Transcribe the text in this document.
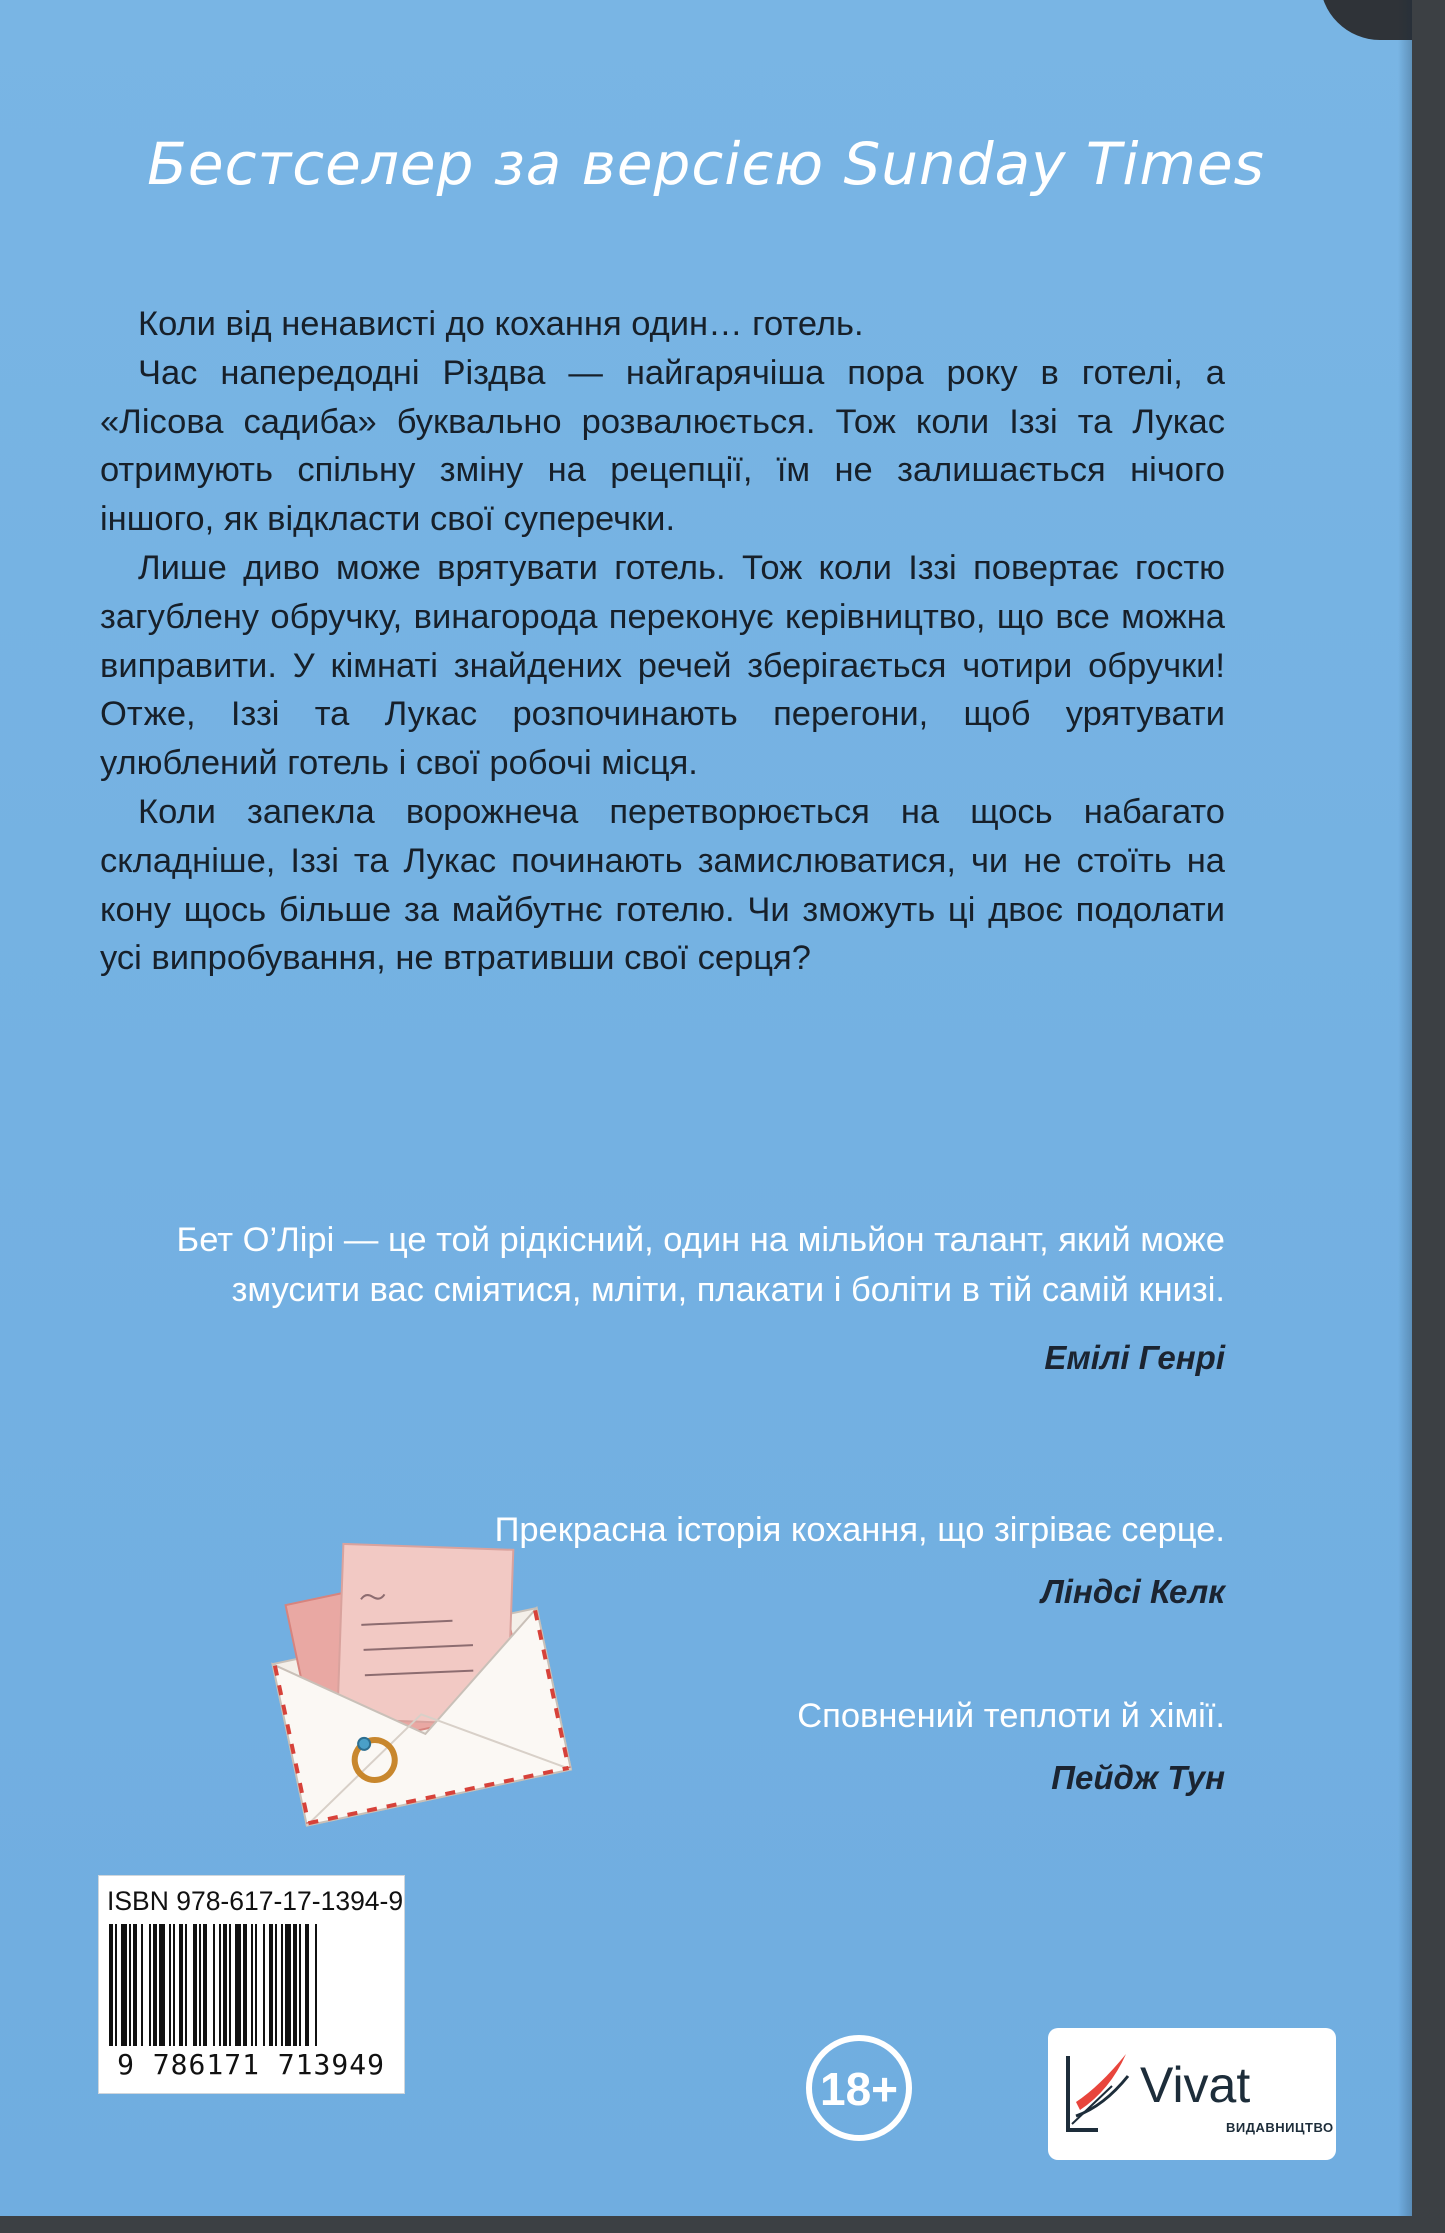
Бестселер за версією Sunday Times

Коли від ненависті до кохання один… готель.

Час напередодні Різдва — найгарячіша пора року в готелі, а «Лісова садиба» буквально розвалюється. Тож коли Іззі та Лукас отримують спільну зміну на рецепції, їм не залишається нічого іншого, як відкласти свої суперечки.

Лише диво може врятувати готель. Тож коли Іззі повертає гостю загублену обручку, винагорода переконує керівництво, що все можна виправити. У кімнаті знайдених речей зберігається чотири обручки! Отже, Іззі та Лукас розпочинають перегони, щоб урятувати улюблений готель і свої робочі місця.

Коли запекла ворожнеча перетворюється на щось набагато складніше, Іззі та Лукас починають замислюватися, чи не стоїть на кону щось більше за майбутнє готелю. Чи зможуть ці двоє подолати усі випробування, не втративши свої серця?

Бет О’Лірі — це той рідкісний, один на мільйон талант, який може змусити вас сміятися, мліти, плакати і боліти в тій самій книзі.

Емілі Генрі

Прекрасна історія кохання, що зігріває серце.

Ліндсі Келк

Сповнений теплоти й хімії.

Пейдж Тун

ISBN 978-617-17-1394-9
9 786171 713949	18+	Vivat
ВИДАВНИЦТВО
